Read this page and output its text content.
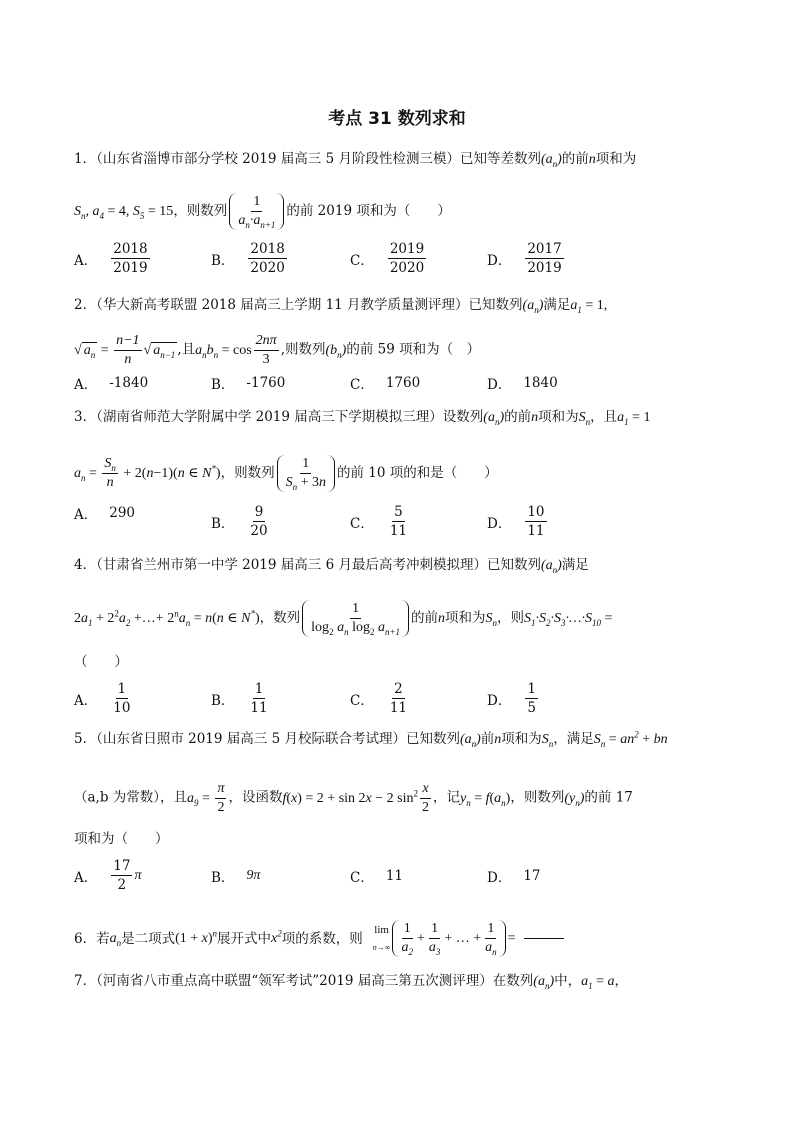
考点 31 数列求和
1．（山东省淄博市部分学校 2019 届高三 5 月阶段性检测三模）已知等差数列$(a_n)$的前n项和为
$S_n$, $a_4 = 4$, $S_5 = 15$，则数列 $\frac{1}{a_n\cdot a_{n+1}}$ 的前 2019 项和为（　　）
A． $\frac{2018}{2019}$	B． $\frac{2018}{2020}$	C． $\frac{2019}{2020}$	D． $\frac{2017}{2019}$
2．（华大新高考联盟 2018 届高三上学期 11 月教学质量测评理）已知数列$(a_n)$满足$a_1 = 1$,
√ $a_n = \frac{n-1}{n}$ √ $a_{n-1}$ ,且$a_nb_n = \cos \frac{2n\pi}{3}$ ,则数列$(b_n)$的前 59 项和为（　）
A． -1840	B． -1760	C． 1760	D． 1840
3．（湖南省师范大学附属中学 2019 届高三下学期模拟三理）设数列$(a_n)$的前n项和为$S_n$，且$a_1 = 1$
$a_n = \frac{S_n}{n} + 2(n-1)(n$ ∈ N*)，则数列 $\frac{1}{S_n + 3n}$ 的前 10 项的和是（　　）
A． 290
B． $\frac{9}{20}$	C． $\frac{5}{11}$	D． $\frac{10}{11}$
4．（甘肃省兰州市第一中学 2019 届高三 6 月最后高考冲刺模拟理）已知数列$(a_n)$满足
$2a_1 + 2^2a_2$ +…+ $2^na_n = n(n$ ∈ N*)，数列 $\frac{1}{\log_2 a_n \log_2 a_{n+1}}$ 的前n项和为$S_n$，则$S_1\cdot S_2\cdot S_3\cdot\dots\cdot S_{10}$ =
（　　）
A． $\frac{1}{10}$	B． $\frac{1}{11}$	C． $\frac{2}{11}$	D． $\frac{1}{5}$
5．（山东省日照市 2019 届高三 5 月校际联合考试理）已知数列$(a_n)$前n项和为$S_n$，满足$S_n = an^2$ + bn
（a,b 为常数），且$a_9 = \frac{\pi}{2}$ ，设函数f(x) = 2 + sin 2x − 2 $\sin^2 \frac{x}{2}$ ，记$y_n = f(a_n)$，则数列$(y_n)$的前 17
项和为（　　）
A． $\frac{17}{2}$ π	B． 9π	C． 11	D． 17
6．若 $a_n$ 是二项式 $(1 + x)^n$ 展开式中 $x^2$ 项的系数，则
lim
$n\to\infty \frac{1}{a_2} + \frac{1}{a_3}$ + … + $\frac{1}{a_n}$ =
7．（河南省八市重点高中联盟“领军考试”2019 届高三第五次测评理）在数列$(a_n)$中，$a_1 = a$，
